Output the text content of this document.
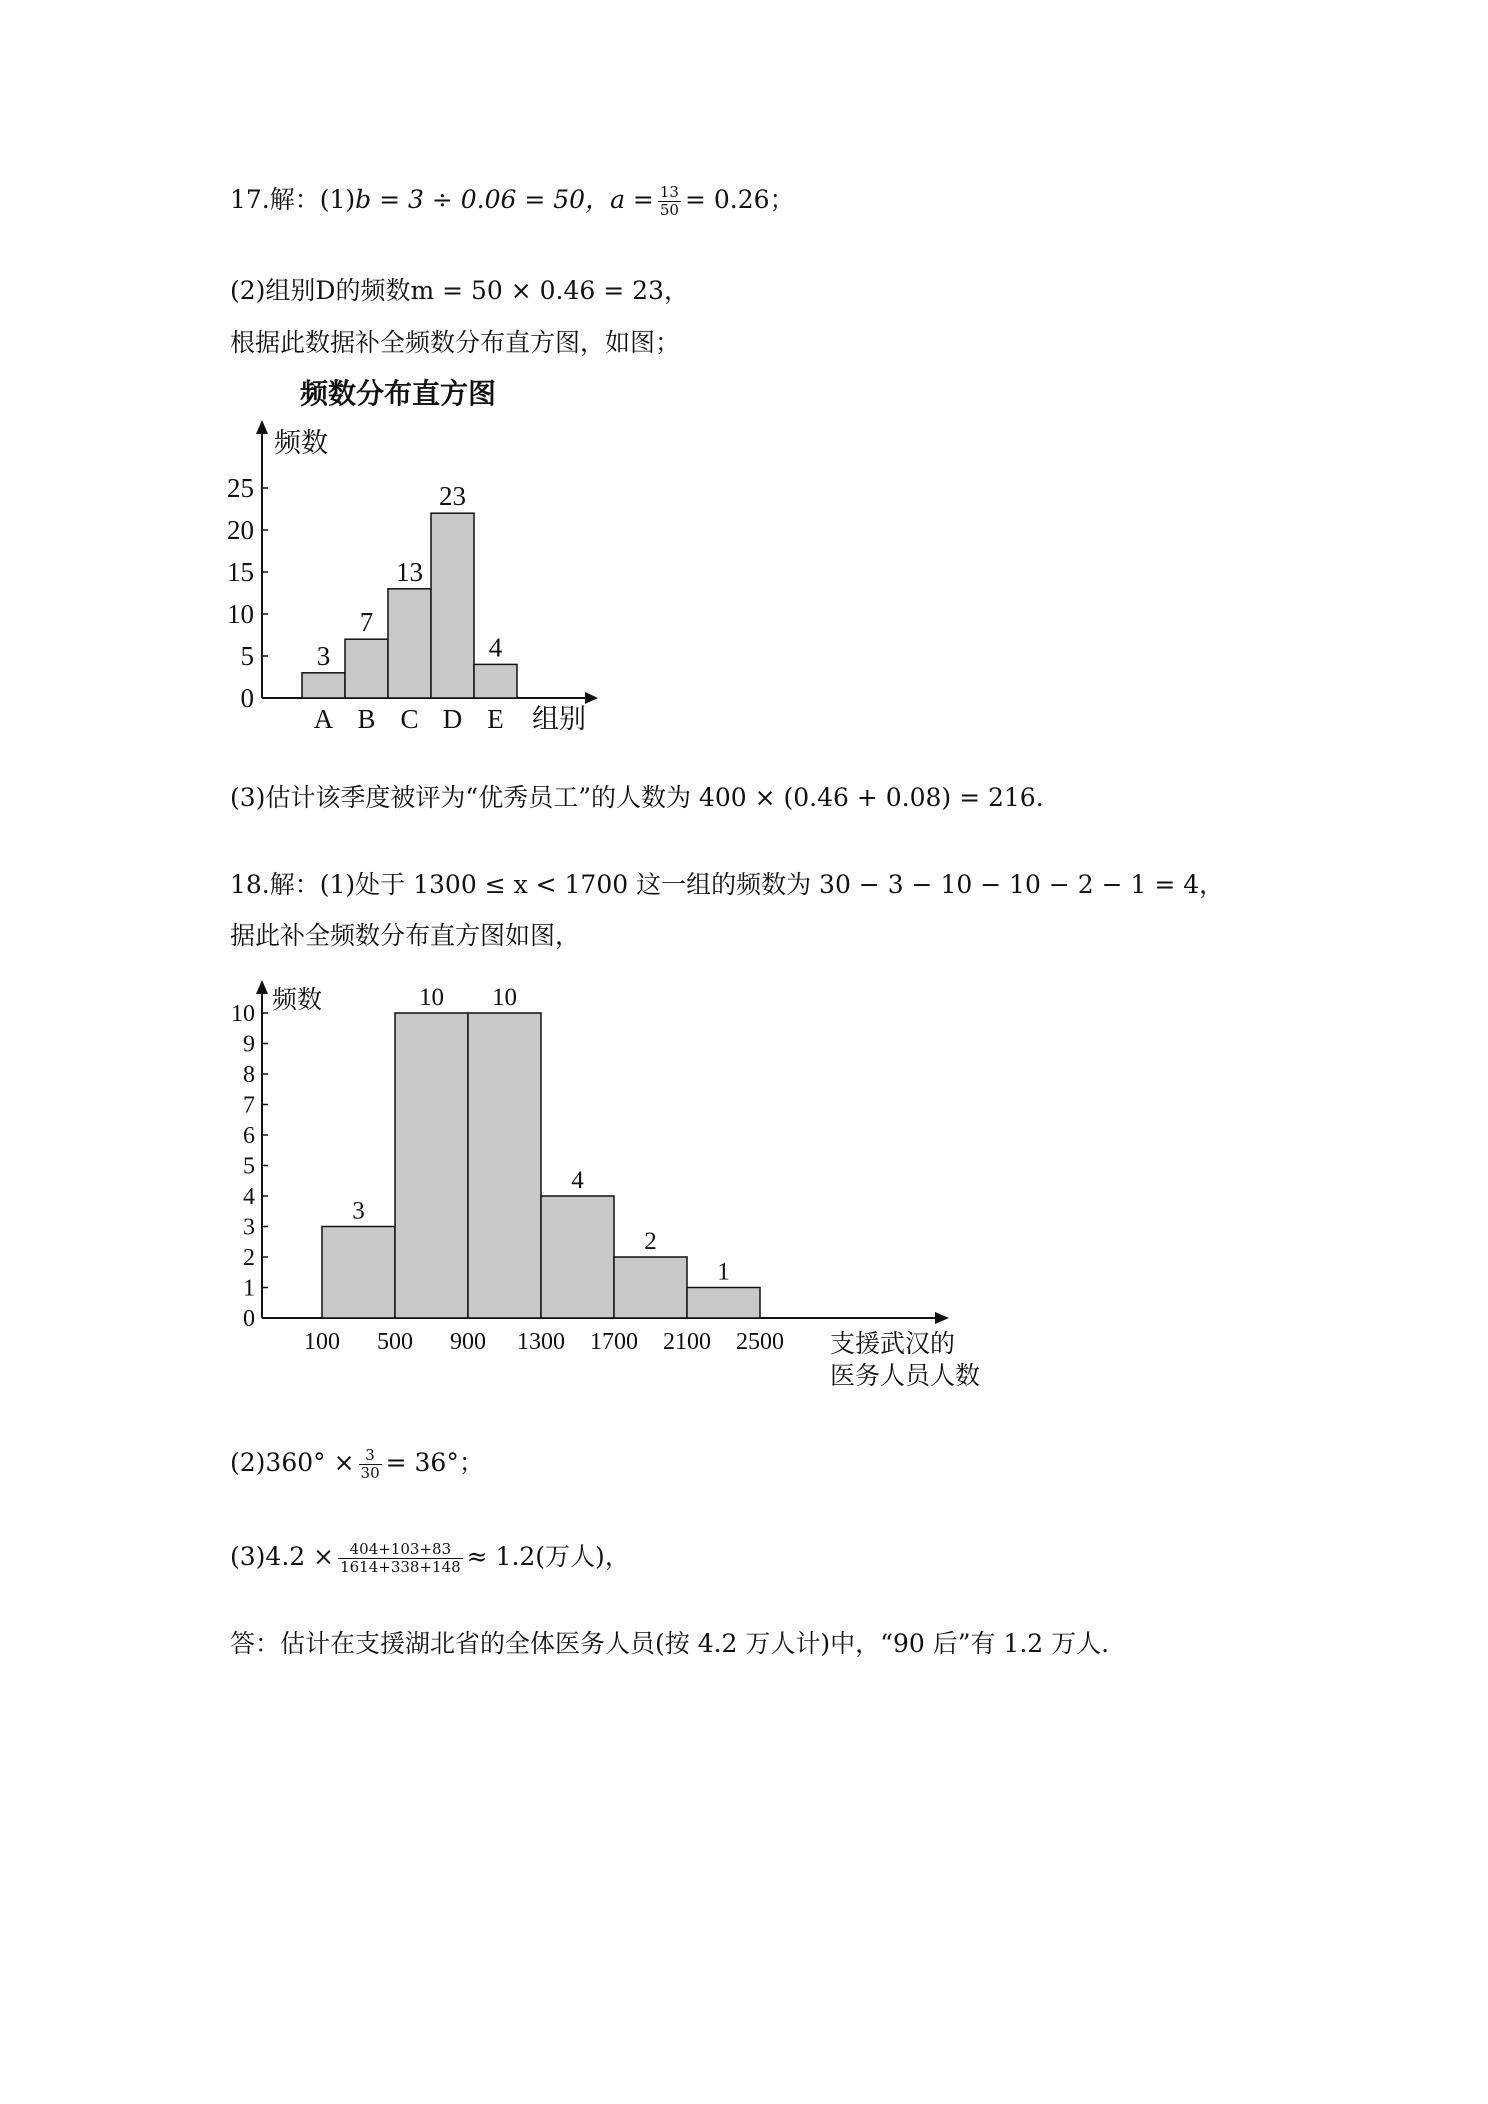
17.解：(1)b = 3 ÷ 0.06 = 50，$a = \frac{13}{50} = 0.26$；
(2)组别D的频数m = 50 × 0.46 = 23，
根据此数据补全频数分布直方图，如图；
频数分布直方图
频数
组别
0
5
10
15
20
25
3
A
7
B
13
C
23
D
4
E
(3)估计该季度被评为“优秀员工”的人数为 400 × (0.46 + 0.08) = 216.
18.解：(1)处于 1300 ≤ x < 1700 这一组的频数为 30 − 3 − 10 − 10 − 2 − 1 = 4，
据此补全频数分布直方图如图，
频数
支援武汉的
医务人员人数
0
1
2
3
4
5
6
7
8
9
10
3
10 10
4
2
1
100 500 900 1300 1700 2100 2500
$(2)360^\circ \times \frac{3}{30} = 36^\circ$；
$(3)4.2 \times \frac{404+103+83}{1614+338+148} \approx 1.2$(万人)，
答：估计在支援湖北省的全体医务人员(按 4.2 万人计)中，“90 后”有 1.2 万人.
